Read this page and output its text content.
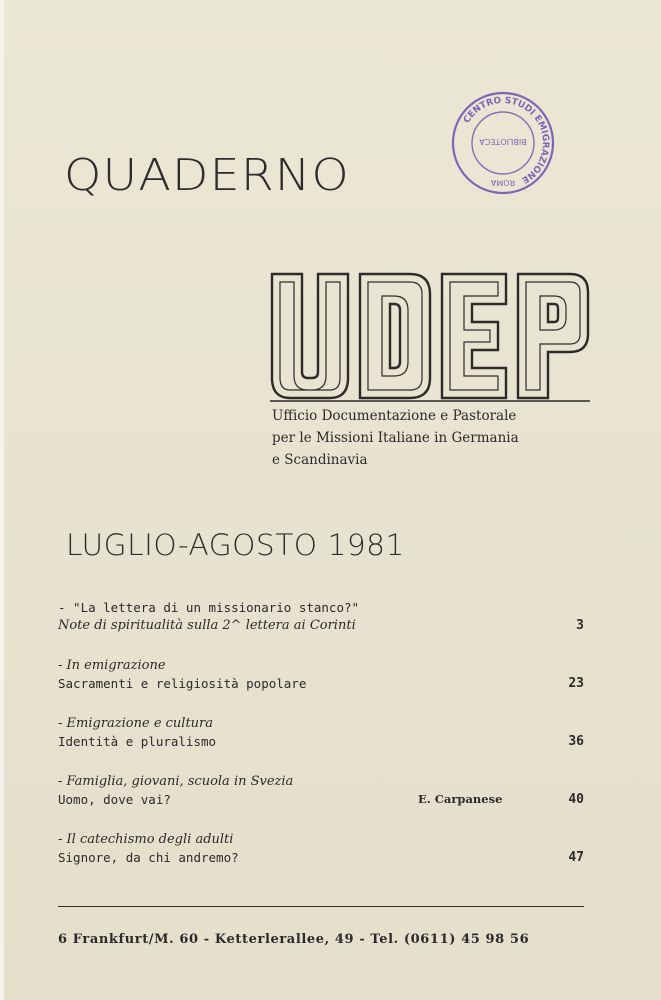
CENTRO STUDI EMIGRAZIONE
ROMA
BIBLIOTECA
QUADERNO
Ufficio Documentazione e Pastorale
per le Missioni Italiane in Germania
e Scandinavia
LUGLIO-AGOSTO 1981
- "La lettera di un missionario stanco?"
Note di spiritualità sulla 2^ lettera ai Corinti	3
- In emigrazione
Sacramenti e religiosità popolare	23
- Emigrazione e cultura
Identità e pluralismo	36
- Famiglia, giovani, scuola in Svezia
Uomo, dove vai?	E. Carpanese	40
- Il catechismo degli adulti
Signore, da chi andremo?	47
6 Frankfurt/M. 60 - Ketterlerallee, 49 - Tel. (0611) 45 98 56
